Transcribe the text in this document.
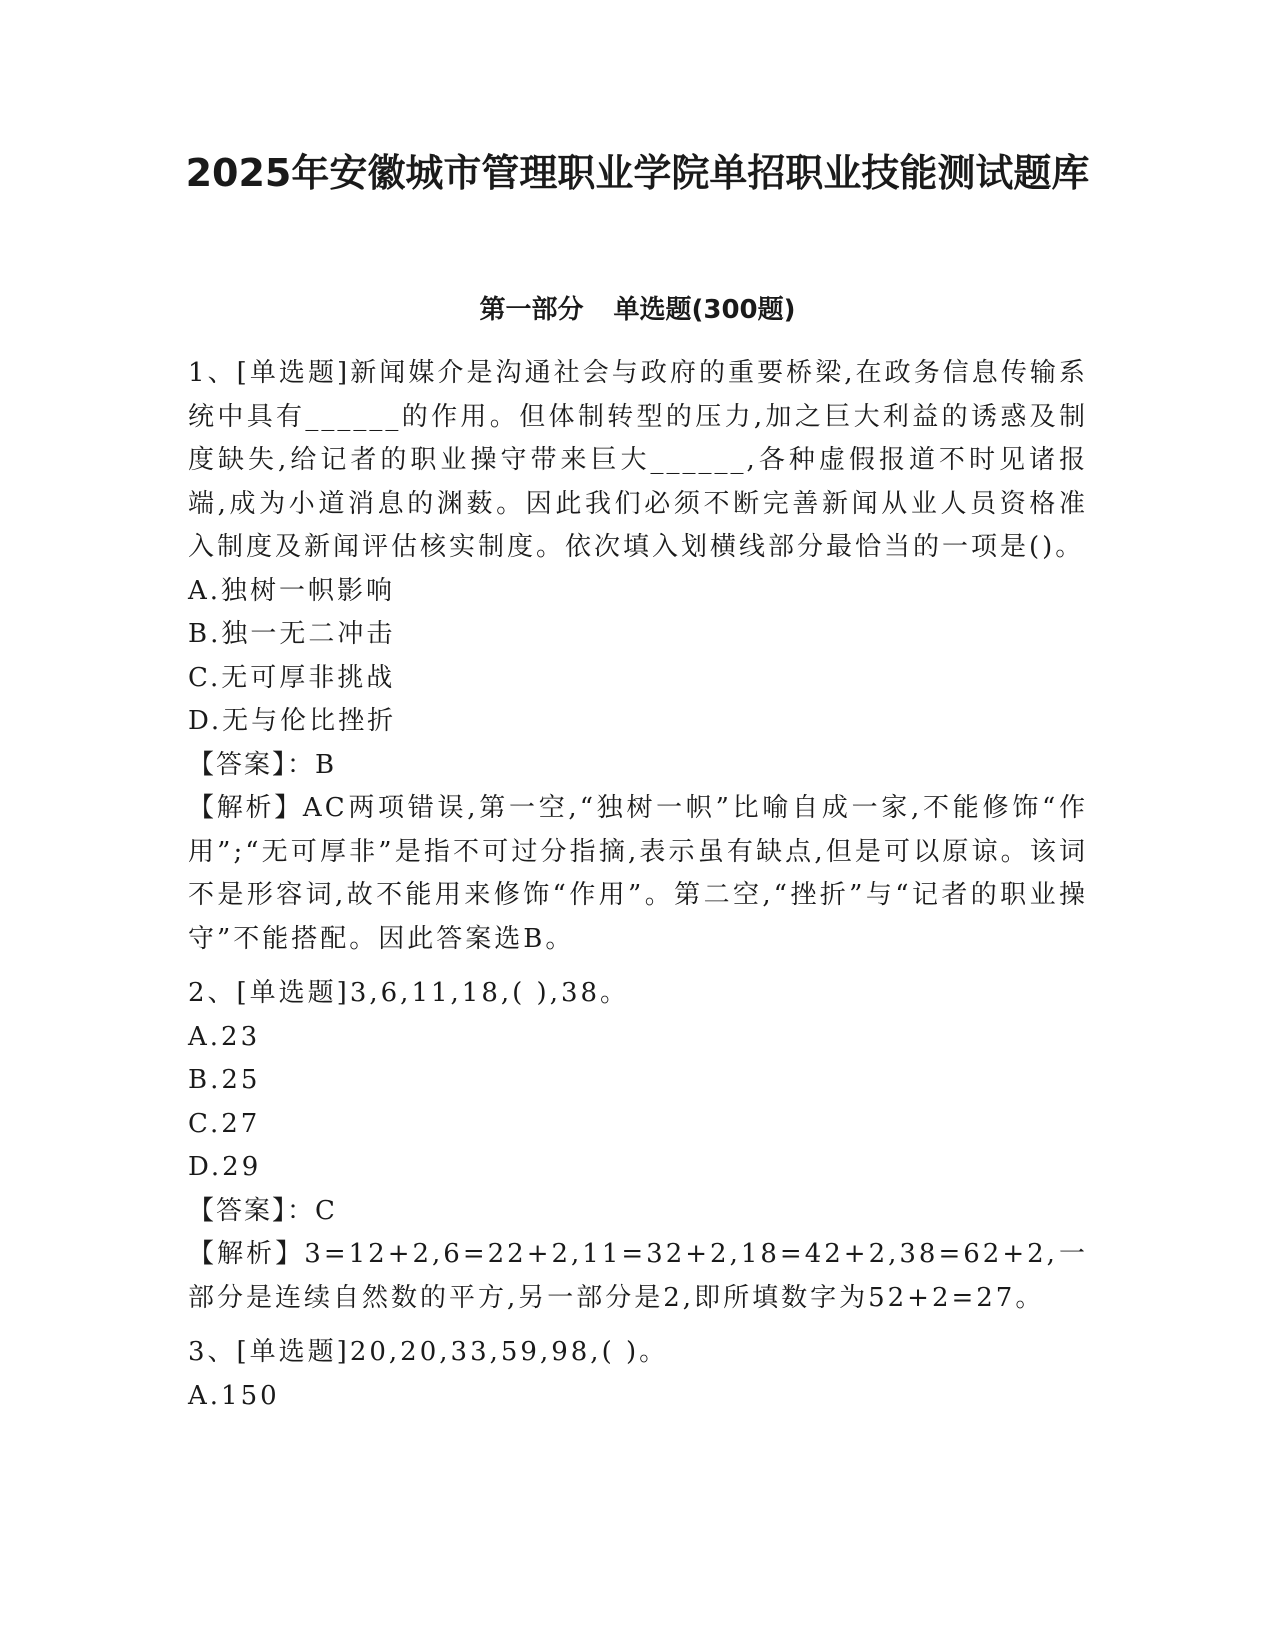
2025年安徽城市管理职业学院单招职业技能测试题库
第一部分 单选题(300题)

1、[单选题]新闻媒介是沟通社会与政府的重要桥梁,在政务信息传输系统中具有______的作用。但体制转型的压力,加之巨大利益的诱惑及制度缺失,给记者的职业操守带来巨大______,各种虚假报道不时见诸报端,成为小道消息的渊薮。因此我们必须不断完善新闻从业人员资格准入制度及新闻评估核实制度。依次填入划横线部分最恰当的一项是()。

A.独树一帜影响

B.独一无二冲击

C.无可厚非挑战

D.无与伦比挫折

【答案】：B

【解析】AC两项错误,第一空,“独树一帜”比喻自成一家,不能修饰“作用”;“无可厚非”是指不可过分指摘,表示虽有缺点,但是可以原谅。该词不是形容词,故不能用来修饰“作用”。第二空,“挫折”与“记者的职业操守”不能搭配。因此答案选B。

2、[单选题]3,6,11,18,( ),38。

A.23

B.25

C.27

D.29

【答案】：C

【解析】3=12+2,6=22+2,11=32+2,18=42+2,38=62+2,一部分是连续自然数的平方,另一部分是2,即所填数字为52+2=27。

3、[单选题]20,20,33,59,98,( )。

A.150
